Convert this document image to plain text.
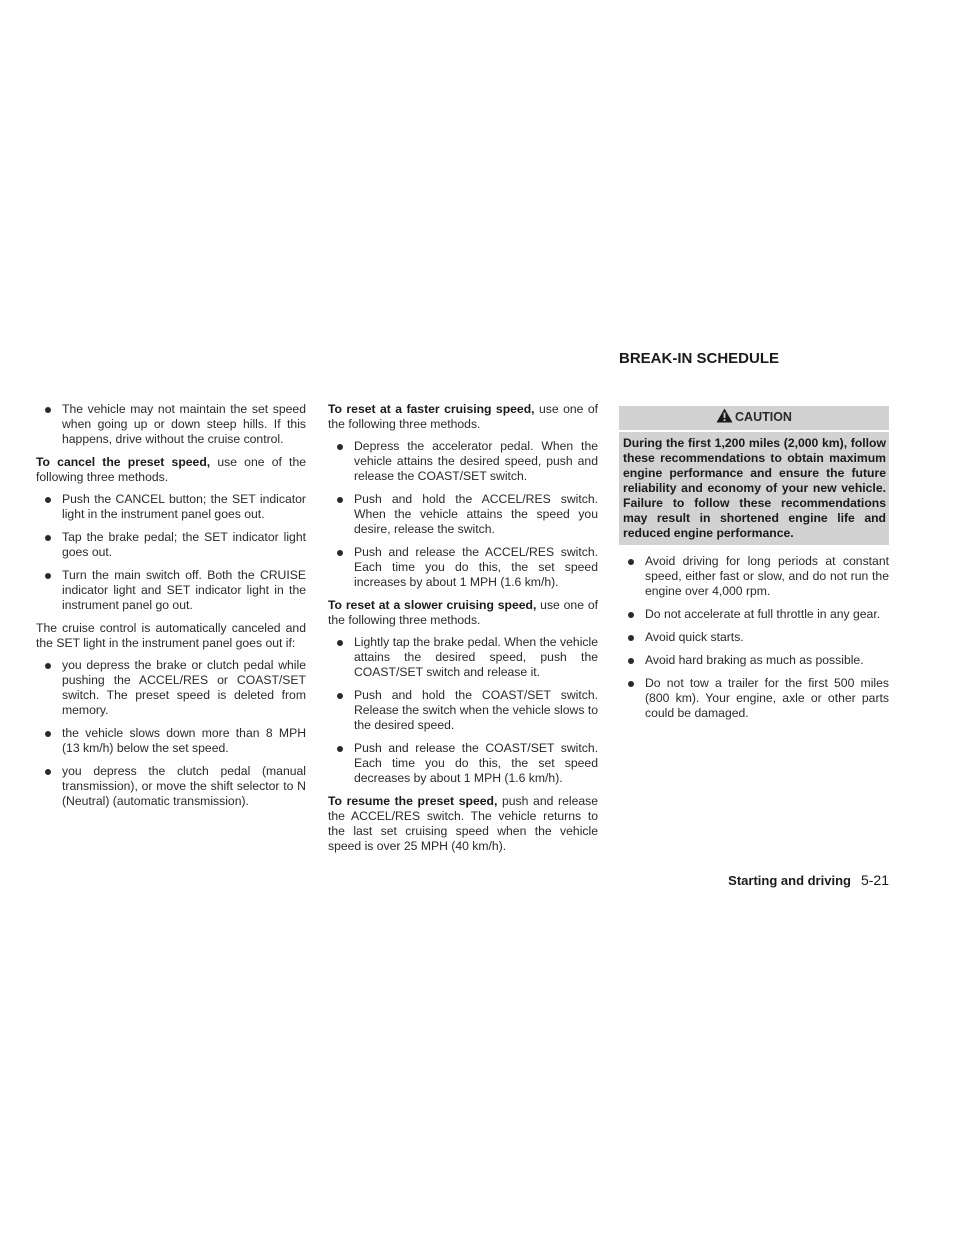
The vehicle may not maintain the set speed when going up or down steep hills. If this happens, drive without the cruise control.

To cancel the preset speed, use one of the following three methods.

Push the CANCEL button; the SET indicator light in the instrument panel goes out.
Tap the brake pedal; the SET indicator light goes out.
Turn the main switch off. Both the CRUISE indicator light and SET indicator light in the instrument panel go out.

The cruise control is automatically canceled and the SET light in the instrument panel goes out if:

you depress the brake or clutch pedal while pushing the ACCEL/RES or COAST/SET switch. The preset speed is deleted from memory.
the vehicle slows down more than 8 MPH (13 km/h) below the set speed.
you depress the clutch pedal (manual transmission), or move the shift selector to N (Neutral) (automatic transmission).

To reset at a faster cruising speed, use one of the following three methods.

Depress the accelerator pedal. When the vehicle attains the desired speed, push and release the COAST/SET switch.
Push and hold the ACCEL/RES switch. When the vehicle attains the speed you desire, release the switch.
Push and release the ACCEL/RES switch. Each time you do this, the set speed increases by about 1 MPH (1.6 km/h).

To reset at a slower cruising speed, use one of the following three methods.

Lightly tap the brake pedal. When the vehicle attains the desired speed, push the COAST/SET switch and release it.
Push and hold the COAST/SET switch. Release the switch when the vehicle slows to the desired speed.
Push and release the COAST/SET switch. Each time you do this, the set speed decreases by about 1 MPH (1.6 km/h).

To resume the preset speed, push and release the ACCEL/RES switch. The vehicle returns to the last set cruising speed when the vehicle speed is over 25 MPH (40 km/h).

BREAK-IN SCHEDULE
CAUTION
During the first 1,200 miles (2,000 km), follow these recommendations to obtain maximum engine performance and ensure the future reliability and economy of your new vehicle. Failure to follow these recommendations may result in shortened engine life and reduced engine performance.
Avoid driving for long periods at constant speed, either fast or slow, and do not run the engine over 4,000 rpm.
Do not accelerate at full throttle in any gear.
Avoid quick starts.
Avoid hard braking as much as possible.
Do not tow a trailer for the first 500 miles (800 km). Your engine, axle or other parts could be damaged.
Starting and driving 5-21
